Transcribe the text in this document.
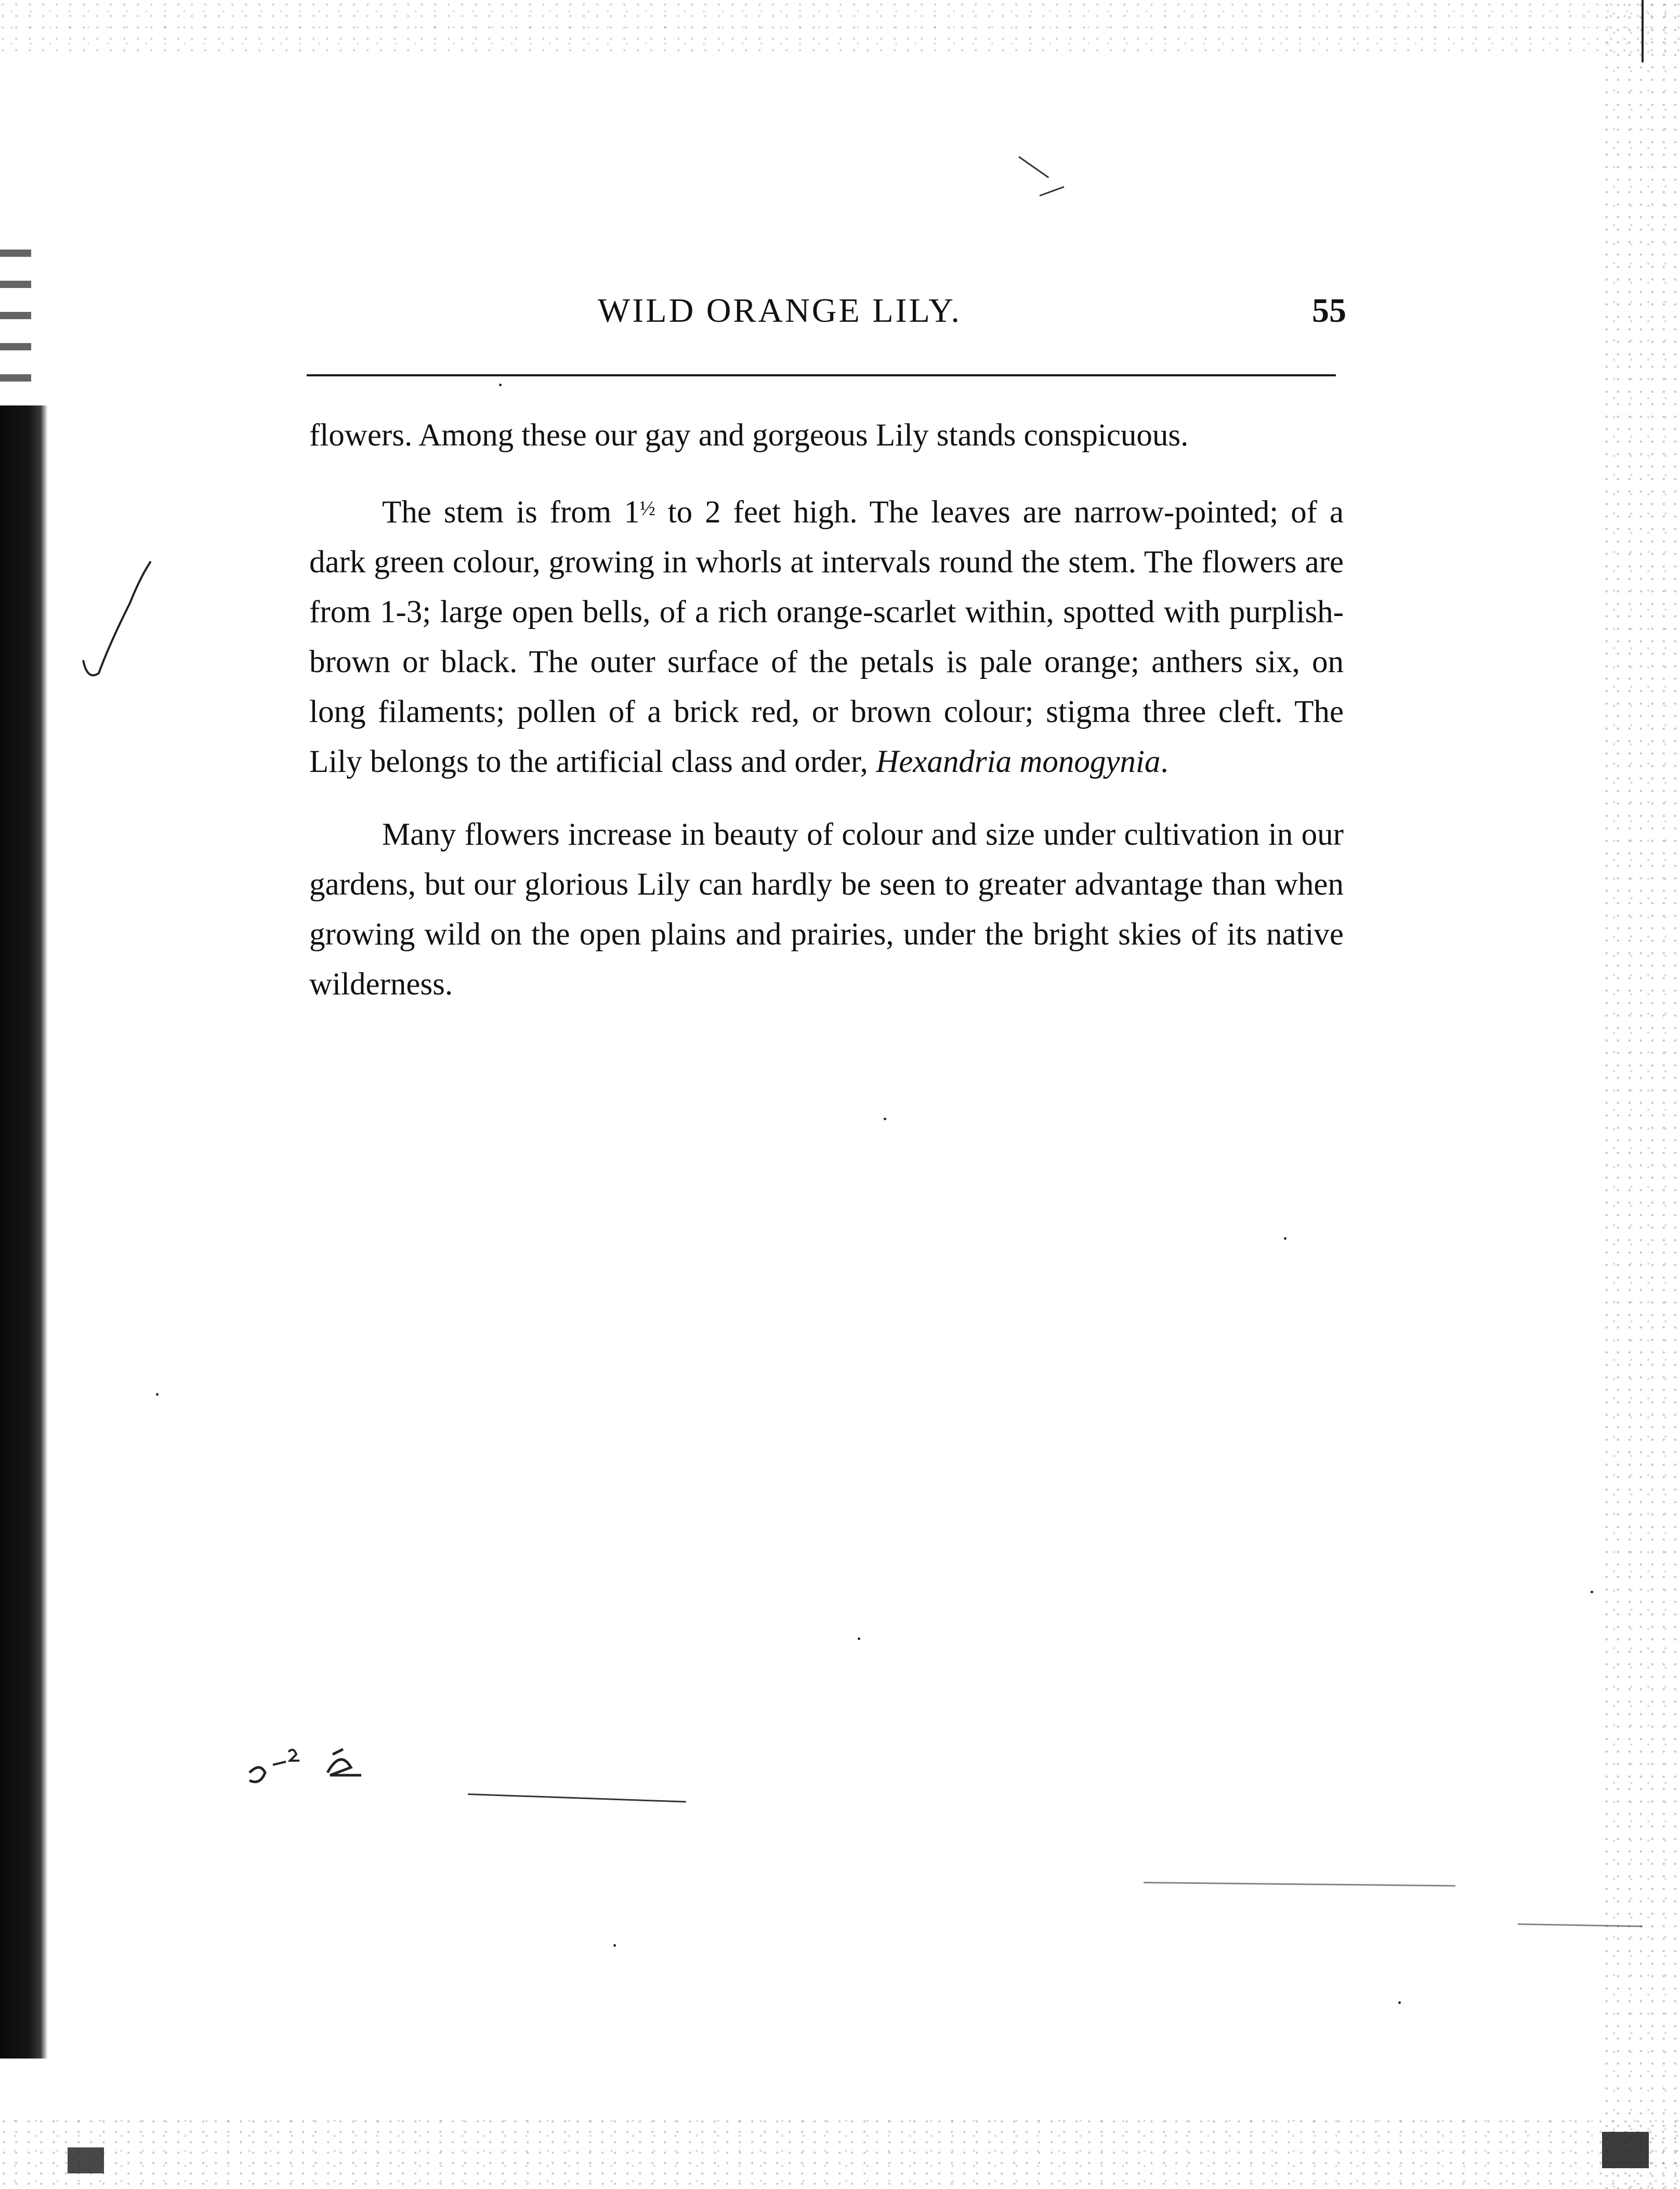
WILD ORANGE LILY.	55

flowers. Among these our gay and gorgeous Lily stands conspicuous.

The stem is from $1^{\frac{1}{2}}$ to 2 feet high. The leaves are narrow-pointed; of a dark green colour, growing in whorls at intervals round the stem. The flowers are from 1-3; large open bells, of a rich orange-scarlet within, spotted with purplish-brown or black. The outer surface of the petals is pale orange; anthers six, on long filaments; pollen of a brick red, or brown colour; stigma three cleft. The Lily belongs to the artificial class and order, Hexandria monogynia.

Many flowers increase in beauty of colour and size under cultivation in our gardens, but our glorious Lily can hardly be seen to greater advantage than when growing wild on the open plains and prairies, under the bright skies of its native wilderness.
